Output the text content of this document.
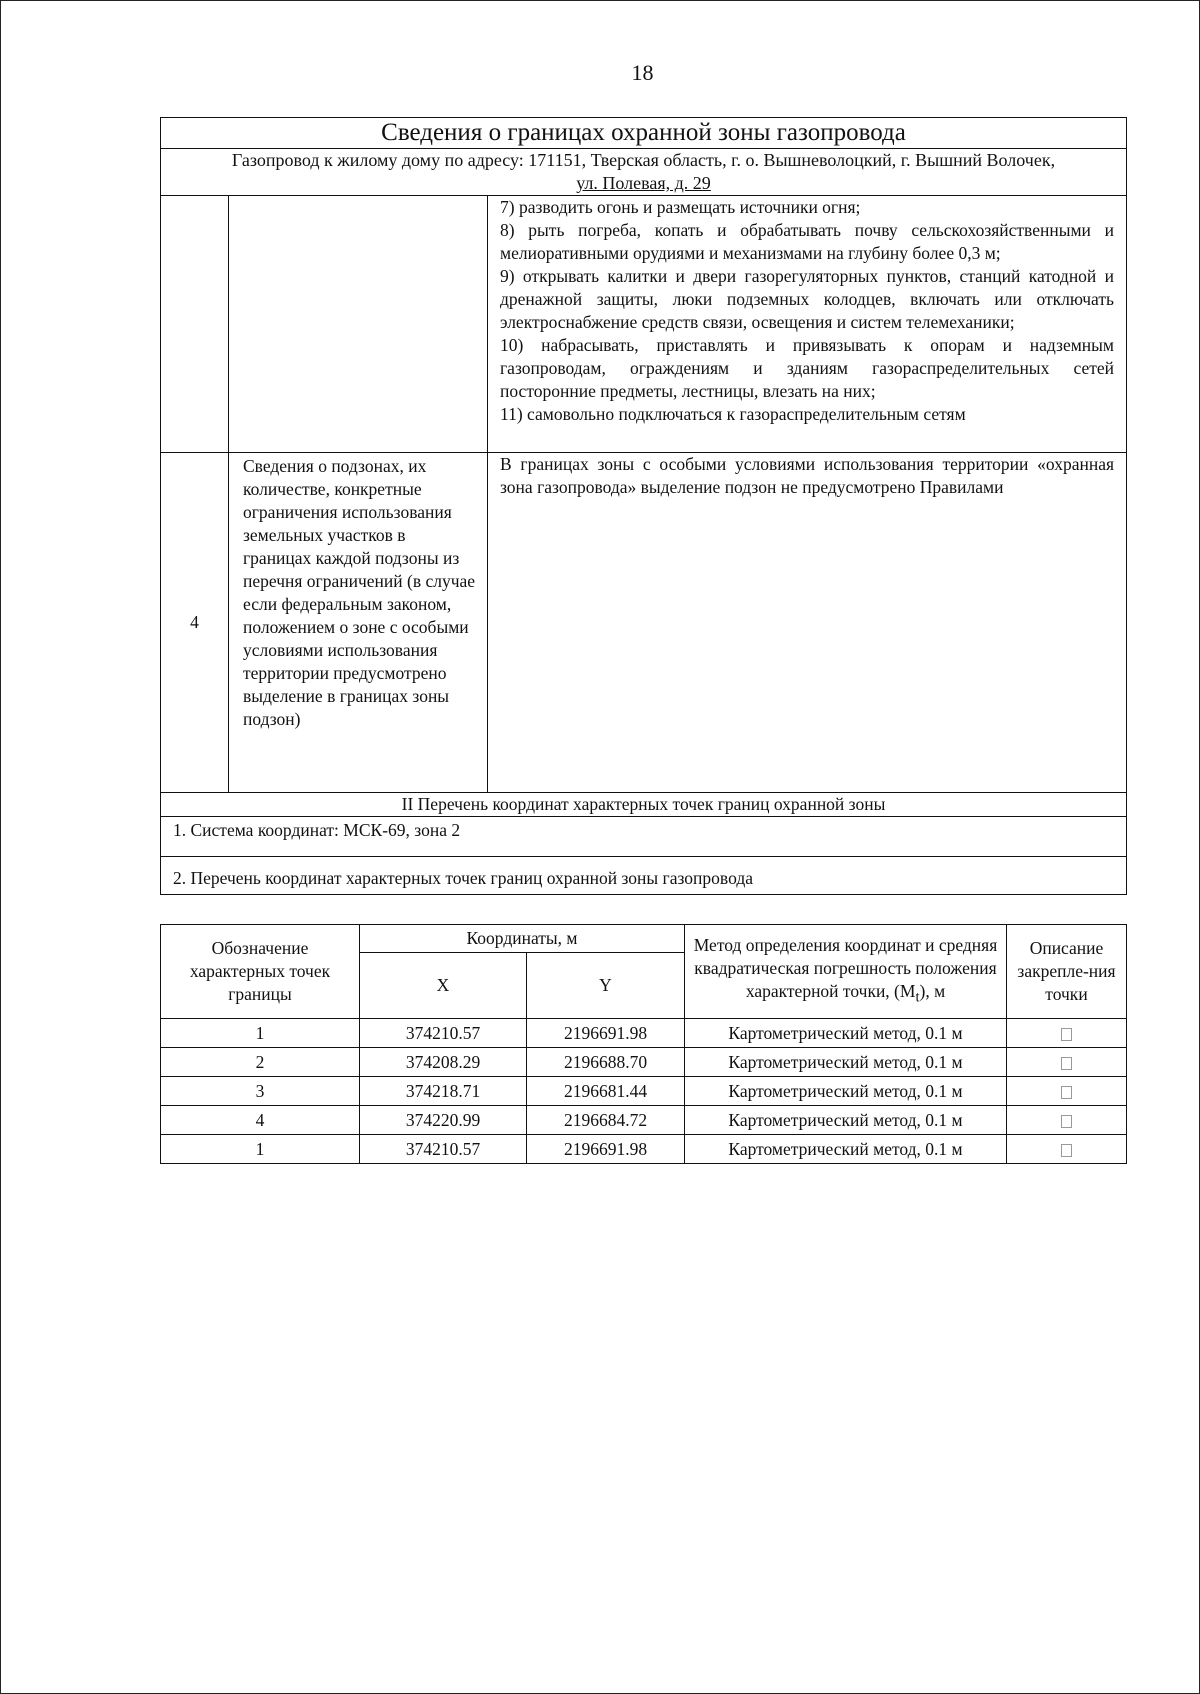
18
Сведения о границах охранной зоны газопровода		

Газопровод к жилому дому по адресу: 171151, Тверская область, г. о. Вышневолоцкий, г. Вышний Волочек,
ул. Полевая, д. 29		

		7) разводить огонь и размещать источники огня;

8) рыть погреба, копать и обрабатывать почву сельскохозяйственными и мелиоративными орудиями и механизмами на глубину более 0,3 м;

9) открывать калитки и двери газорегуляторных пунктов, станций катодной и дренажной защиты, люки подземных колодцев, включать или отключать электроснабжение средств связи, освещения и систем телемеханики;

10) набрасывать, приставлять и привязывать к опорам и надземным газопроводам, ограждениям и зданиям газораспределительных сетей посторонние предметы, лестницы, влезать на них;

11) самовольно подключаться к газораспределительным сетям

4	Сведения о подзонах, их количестве, конкретные ограничения использования земельных участков в границах каждой подзоны из перечня ограничений (в случае если федеральным законом, положением о зоне с особыми условиями использования территории предусмотрено выделение в границах зоны подзон)	В границах зоны с особыми условиями использования территории «охранная зона газопровода» выделение подзон не предусмотрено Правилами
II Перечень координат характерных точек границ охранной зоны		
1. Система координат: МСК-69, зона 2		
2. Перечень координат характерных точек границ охранной зоны газопровода		
Обозначение характерных точек границы	Координаты, м		Метод определения координат и средняя квадратическая погрешность положения характерной точки, $(M_t)$, м	Описание закрепле-ния точки
	X	Y		
1	374210.57	2196691.98	Картометрический метод, 0.1 м	
2	374208.29	2196688.70	Картометрический метод, 0.1 м	
3	374218.71	2196681.44	Картометрический метод, 0.1 м	
4	374220.99	2196684.72	Картометрический метод, 0.1 м	
1	374210.57	2196691.98	Картометрический метод, 0.1 м	
